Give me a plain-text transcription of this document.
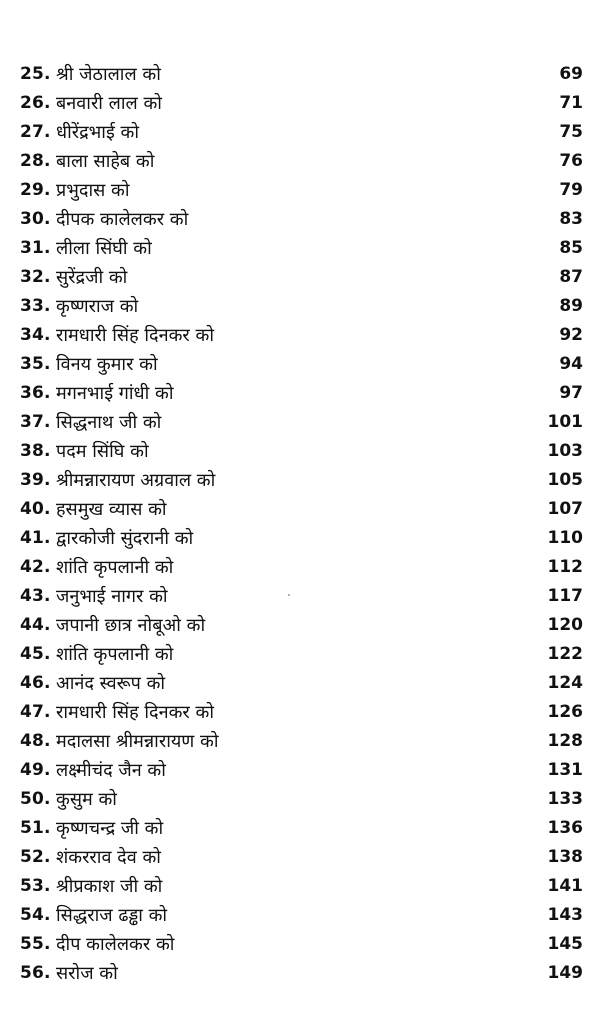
25. श्री जेठालाल को	69
26. बनवारी लाल को	71
27. धीरेंद्रभाई को	75
28. बाला साहेब को	76
29. प्रभुदास को	79
30. दीपक कालेलकर को	83
31. लीला सिंघी को	85
32. सुरेंद्रजी को	87
33. कृष्णराज को	89
34. रामधारी सिंह दिनकर को	92
35. विनय कुमार को	94
36. मगनभाई गांधी को	97
37. सिद्धनाथ जी को	101
38. पदम सिंघि को	103
39. श्रीमन्नारायण अग्रवाल को	105
40. हसमुख व्यास को	107
41. द्वारकोजी सुंदरानी को	110
42. शांति कृपलानी को	112
43. जनुभाई नागर को	117
44. जपानी छात्र नोबूओ को	120
45. शांति कृपलानी को	122
46. आनंद स्वरूप को	124
47. रामधारी सिंह दिनकर को	126
48. मदालसा श्रीमन्नारायण को	128
49. लक्ष्मीचंद जैन को	131
50. कुसुम को	133
51. कृष्णचन्द्र जी को	136
52. शंकरराव देव को	138
53. श्रीप्रकाश जी को	141
54. सिद्धराज ढड्ढा को	143
55. दीप कालेलकर को	145
56. सरोज को	149
